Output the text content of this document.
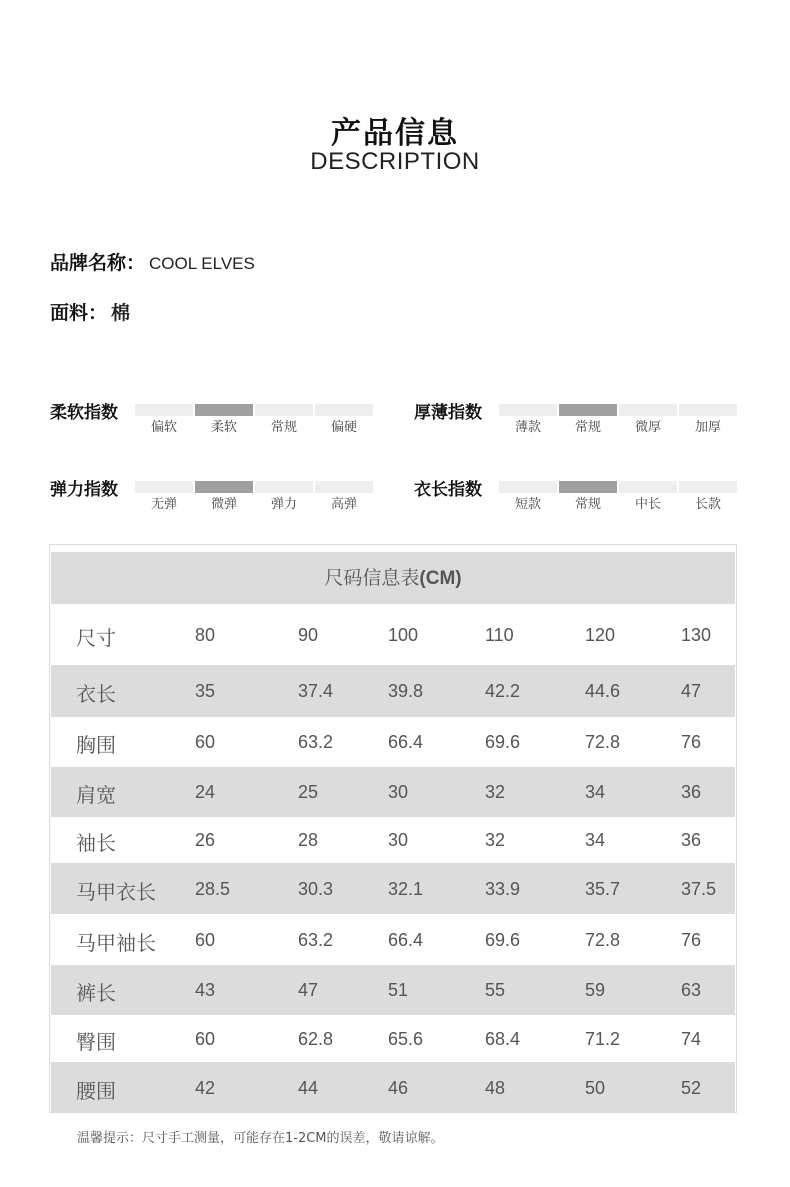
产品信息
DESCRIPTION
品牌名称： COOL ELVES
面料： 棉
柔软指数
偏软	柔软	常规	偏硬
厚薄指数
薄款	常规	微厚	加厚
弹力指数
无弹	微弹	弹力	高弹
衣长指数
短款	常规	中长	长款
尺码信息表(CM)
尺寸	80	90	100	110	120	130
衣长	35	37.4	39.8	42.2	44.6	47
胸围	60	63.2	66.4	69.6	72.8	76
肩宽	24	25	30	32	34	36
袖长	26	28	30	32	34	36
马甲衣长 28.5	30.3	32.1	33.9	35.7	37.5
马甲袖长 60	63.2	66.4	69.6	72.8	76
裤长	43	47	51	55	59	63
臀围	60	62.8	65.6	68.4	71.2	74
腰围	42	44	46	48	50	52
温馨提示：尺寸手工测量，可能存在1-2CM的误差，敬请谅解。
